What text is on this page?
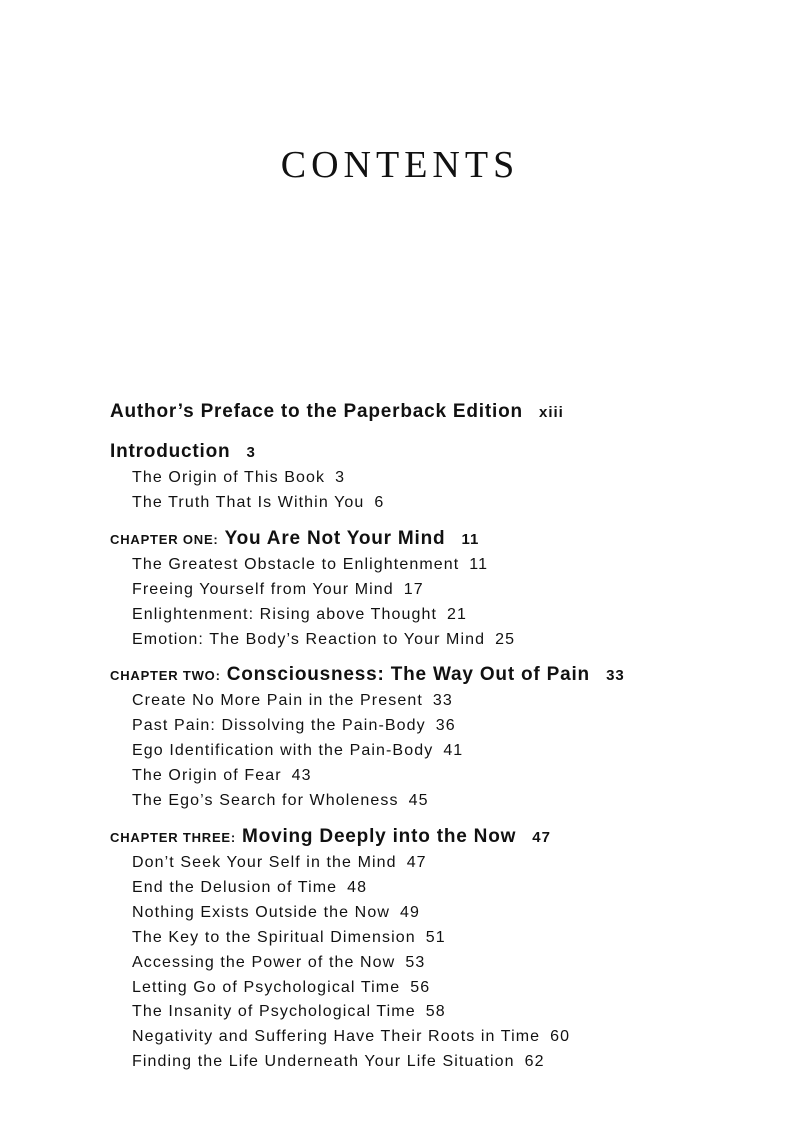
CONTENTS
Author’s Preface to the Paperback Edition xiii
Introduction 3
The Origin of This Book 3
The Truth That Is Within You 6
CHAPTER ONE: You Are Not Your Mind 11
The Greatest Obstacle to Enlightenment 11
Freeing Yourself from Your Mind 17
Enlightenment: Rising above Thought 21
Emotion: The Body’s Reaction to Your Mind 25
CHAPTER TWO: Consciousness: The Way Out of Pain 33
Create No More Pain in the Present 33
Past Pain: Dissolving the Pain-Body 36
Ego Identification with the Pain-Body 41
The Origin of Fear 43
The Ego’s Search for Wholeness 45
CHAPTER THREE: Moving Deeply into the Now 47
Don’t Seek Your Self in the Mind 47
End the Delusion of Time 48
Nothing Exists Outside the Now 49
The Key to the Spiritual Dimension 51
Accessing the Power of the Now 53
Letting Go of Psychological Time 56
The Insanity of Psychological Time 58
Negativity and Suffering Have Their Roots in Time 60
Finding the Life Underneath Your Life Situation 62
